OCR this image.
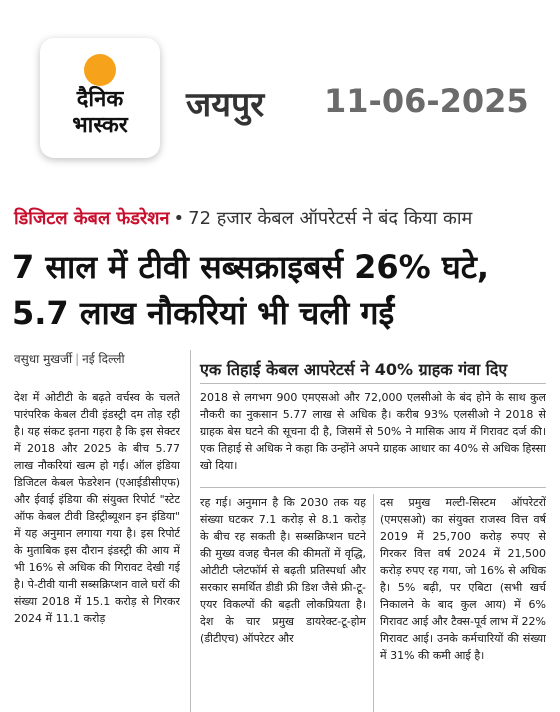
दैनिक
भास्कर
जयपुर 11-06-2025
डिजिटल केबल फेडरेशन • 72 हजार केबल ऑपरेटर्स ने बंद किया काम
7 साल में टीवी सब्सक्राइबर्स 26% घटे, 5.7 लाख नौकरियां भी चली गईं
वसुधा मुखर्जी | नई दिल्ली
एक तिहाई केबल आपरेटर्स ने 40% ग्राहक गंवा दिए
देश में ओटीटी के बढ़ते वर्चस्व के चलते पारंपरिक केबल टीवी इंडस्ट्री दम तोड़ रही है। यह संकट इतना गहरा है कि इस सेक्टर में 2018 और 2025 के बीच 5.77 लाख नौकरियां खत्म हो गईं। ऑल इंडिया डिजिटल केबल फेडरेशन (एआईडीसीएफ) और ईवाई इंडिया की संयुक्त रिपोर्ट "स्टेट ऑफ केबल टीवी डिस्ट्रीब्यूशन इन इंडिया" में यह अनुमान लगाया गया है। इस रिपोर्ट के मुताबिक इस दौरान इंडस्ट्री की आय में भी 16% से अधिक की गिरावट देखी गई है। पे-टीवी यानी सब्सक्रिप्शन वाले घरों की संख्या 2018 में 15.1 करोड़ से गिरकर 2024 में 11.1 करोड़
2018 से लगभग 900 एमएसओ और 72,000 एलसीओ के बंद होने के साथ कुल नौकरी का नुकसान 5.77 लाख से अधिक है। करीब 93% एलसीओ ने 2018 से ग्राहक बेस घटने की सूचना दी है, जिसमें से 50% ने मासिक आय में गिरावट दर्ज की। एक तिहाई से अधिक ने कहा कि उन्होंने अपने ग्राहक आधार का 40% से अधिक हिस्सा खो दिया।
रह गई। अनुमान है कि 2030 तक यह संख्या घटकर 7.1 करोड़ से 8.1 करोड़ के बीच रह सकती है। सब्सक्रिप्शन घटने की मुख्य वजह चैनल की कीमतों में वृद्धि, ओटीटी प्लेटफॉर्म से बढ़ती प्रतिस्पर्धा और सरकार समर्थित डीडी फ्री डिश जैसे फ्री-टू-एयर विकल्पों की बढ़ती लोकप्रियता है। देश के चार प्रमुख डायरेक्ट-टू-होम (डीटीएच) ऑपरेटर और
दस प्रमुख मल्टी-सिस्टम ऑपरेटरों (एमएसओ) का संयुक्त राजस्व वित्त वर्ष 2019 में 25,700 करोड़ रुपए से गिरकर वित्त वर्ष 2024 में 21,500 करोड़ रुपए रह गया, जो 16% से अधिक है। 5% बढ़ी, पर एबिटा (सभी खर्च निकालने के बाद कुल आय) में 6% गिरावट आई और टैक्स-पूर्व लाभ में 22% गिरावट आई। उनके कर्मचारियों की संख्या में 31% की कमी आई है।
